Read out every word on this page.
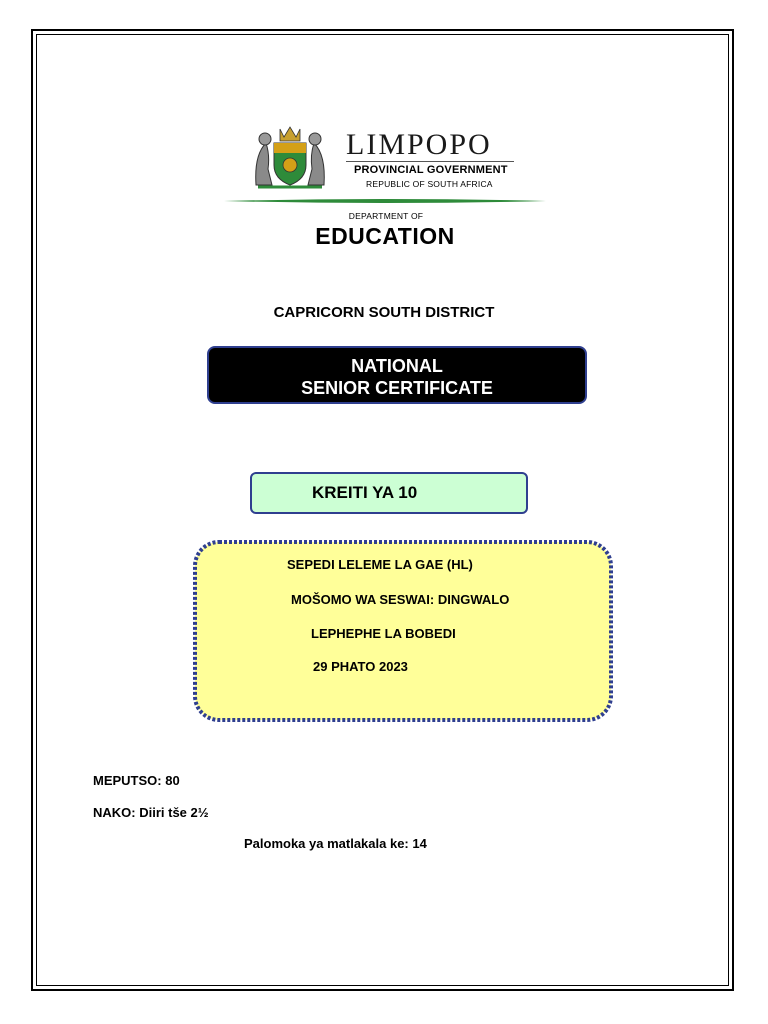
LIMPOPO
PROVINCIAL GOVERNMENT
REPUBLIC OF SOUTH AFRICA
DEPARTMENT OF
EDUCATION
CAPRICORN SOUTH DISTRICT
NATIONAL
SENIOR CERTIFICATE
KREITI YA 10
SEPEDI LELEME LA GAE (HL)
MOŠOMO WA SESWAI: DINGWALO
LEPHEPHE LA BOBEDI
29 PHATO 2023
MEPUTSO: 80
NAKO: Diiri tše 2½
Palomoka ya matlakala ke: 14
